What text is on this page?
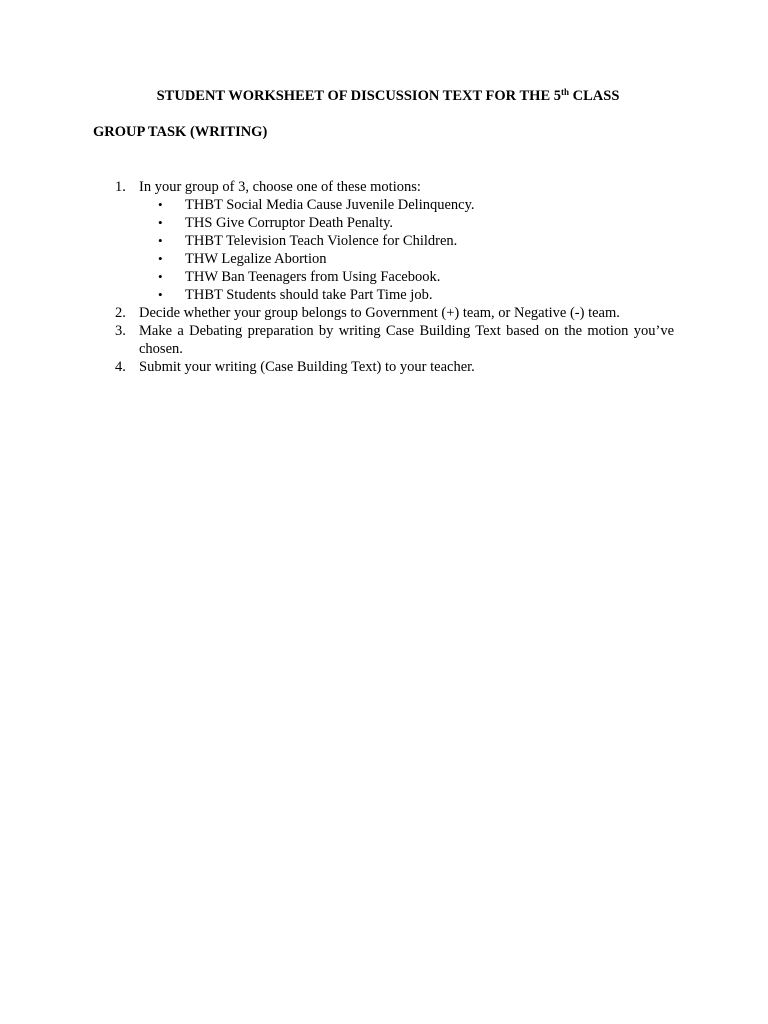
STUDENT WORKSHEET OF DISCUSSION TEXT FOR THE 5th CLASS
GROUP TASK (WRITING)
1. In your group of 3, choose one of these motions:
• THBT Social Media Cause Juvenile Delinquency.
• THS Give Corruptor Death Penalty.
• THBT Television Teach Violence for Children.
• THW Legalize Abortion
• THW Ban Teenagers from Using Facebook.
• THBT Students should take Part Time job.
2. Decide whether your group belongs to Government (+) team, or Negative (-) team.
3. Make a Debating preparation by writing Case Building Text based on the motion you’ve chosen.
4. Submit your writing (Case Building Text) to your teacher.
